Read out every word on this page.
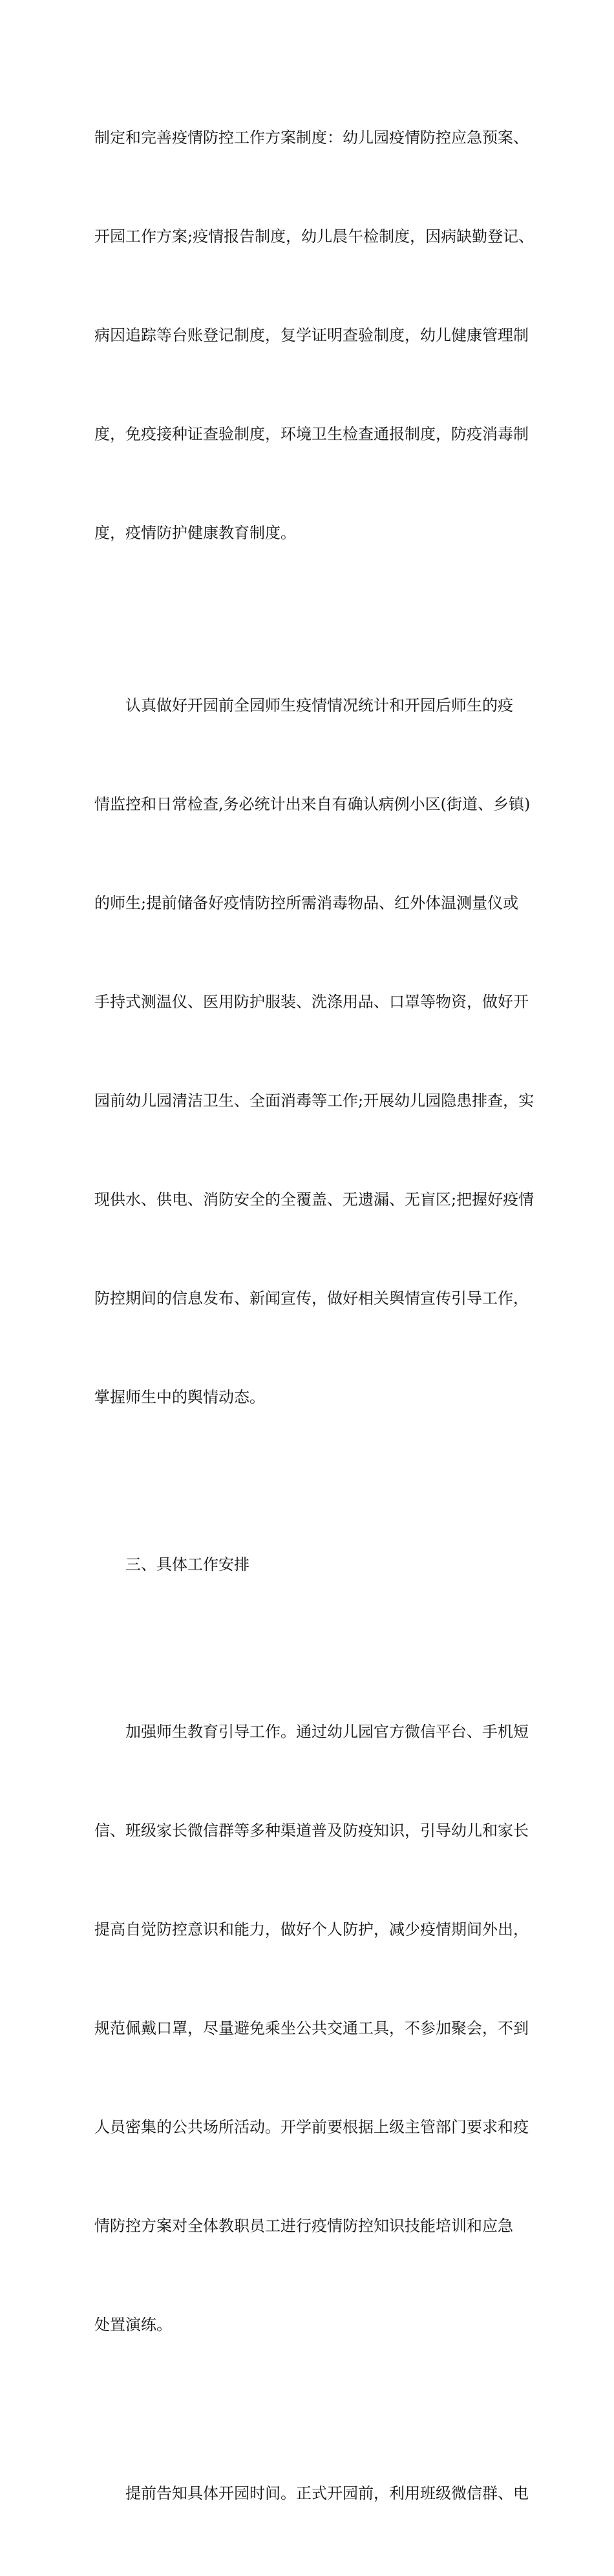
制定和完善疫情防控工作方案制度：幼儿园疫情防控应急预案、

开园工作方案;疫情报告制度，幼儿晨午检制度，因病缺勤登记、

病因追踪等台账登记制度，复学证明查验制度，幼儿健康管理制

度，免疫接种证查验制度，环境卫生检查通报制度，防疫消毒制

度，疫情防护健康教育制度。

认真做好开园前全园师生疫情情况统计和开园后师生的疫

情监控和日常检查,务必统计出来自有确认病例小区(街道、乡镇)

的师生;提前储备好疫情防控所需消毒物品、红外体温测量仪或

手持式测温仪、医用防护服装、洗涤用品、口罩等物资，做好开

园前幼儿园清洁卫生、全面消毒等工作;开展幼儿园隐患排查，实

现供水、供电、消防安全的全覆盖、无遗漏、无盲区;把握好疫情

防控期间的信息发布、新闻宣传，做好相关舆情宣传引导工作，

掌握师生中的舆情动态。

三、具体工作安排

加强师生教育引导工作。通过幼儿园官方微信平台、手机短

信、班级家长微信群等多种渠道普及防疫知识，引导幼儿和家长

提高自觉防控意识和能力，做好个人防护，减少疫情期间外出，

规范佩戴口罩，尽量避免乘坐公共交通工具，不参加聚会，不到

人员密集的公共场所活动。开学前要根据上级主管部门要求和疫

情防控方案对全体教职员工进行疫情防控知识技能培训和应急

处置演练。

提前告知具体开园时间。正式开园前，利用班级微信群、电
